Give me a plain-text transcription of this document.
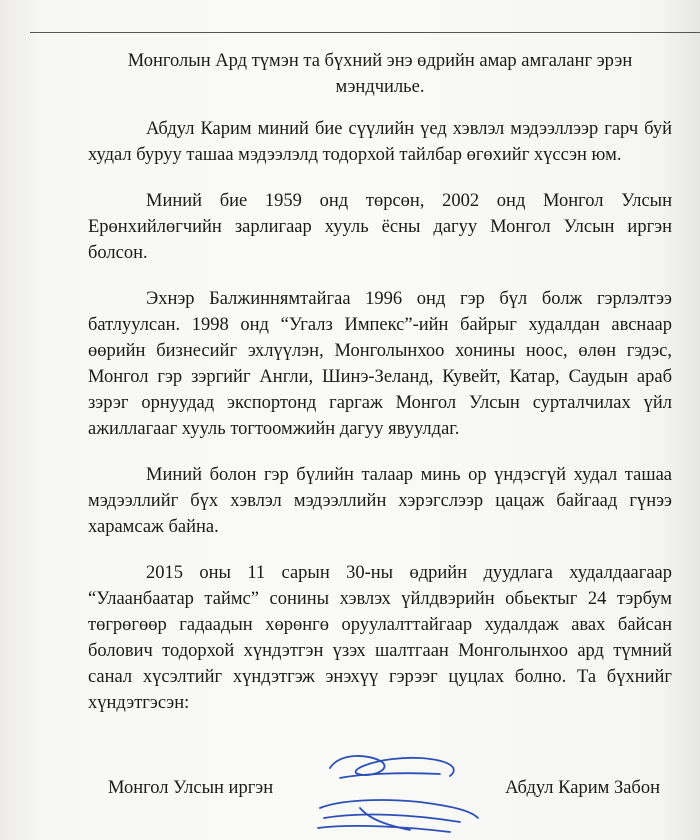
Монголын Ард түмэн та бүхний энэ өдрийн амар амгаланг эрэн мэндчилье.

Абдул Карим миний бие сүүлийн үед хэвлэл мэдээллээр гарч буй худал буруу ташаа мэдээлэлд тодорхой тайлбар өгөхийг хүссэн юм.

Миний бие 1959 онд төрсөн, 2002 онд Монгол Улсын Ерөнхийлөгчийн зарлигаар хууль ёсны дагуу Монгол Улсын иргэн болсон.

Эхнэр Балжиннямтайгаа 1996 онд гэр бүл болж гэрлэлтээ батлуулсан. 1998 онд “Угалз Импекс”-ийн байрыг худалдан авснаар өөрийн бизнесийг эхлүүлэн, Монголынхоо хонины ноос, өлөн гэдэс, Монгол гэр зэргийг Англи, Шинэ-Зеланд, Кувейт, Катар, Саудын араб зэрэг орнуудад экспортонд гаргаж Монгол Улсын сурталчилах үйл ажиллагааг хууль тогтоомжийн дагуу явуулдаг.

Миний болон гэр бүлийн талаар минь ор үндэсгүй худал ташаа мэдээллийг бүх хэвлэл мэдээллийн хэрэгслээр цацаж байгаад гүнээ харамсаж байна.

2015 оны 11 сарын 30-ны өдрийн дуудлага худалдаагаар “Улаанбаатар таймс” сонины хэвлэх үйлдвэрийн обьектыг 24 тэрбум төгрөгөөр гадаадын хөрөнгө оруулалттайгаар худалдаж авах байсан болович тодорхой хүндэтгэн үзэх шалтгаан Монголынхоо ард түмний санал хүсэлтийг хүндэтгэж энэхүү гэрээг цуцлах болно. Та бүхнийг хүндэтгэсэн:

Монгол Улсын иргэн	Абдул Карим Забон
